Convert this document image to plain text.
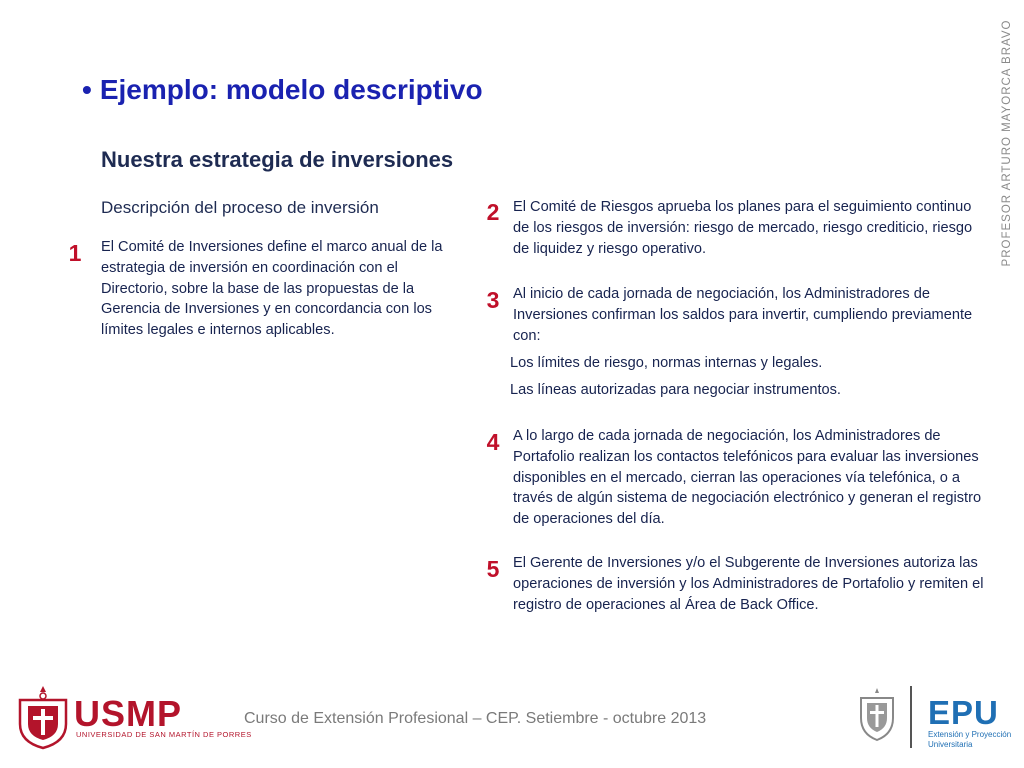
PROFESOR ARTURO MAYORCA BRAVO
• Ejemplo: modelo descriptivo
Nuestra estrategia de inversiones
Descripción del proceso de inversión
1	El Comité de Inversiones define el marco anual de la estrategia de inversión en coordinación con el Directorio, sobre la base de las propuestas de la Gerencia de Inversiones y en concordancia con los límites legales e internos aplicables.
2 El Comité de Riesgos aprueba los planes para el seguimiento continuo de los riesgos de inversión: riesgo de mercado, riesgo crediticio, riesgo de liquidez y riesgo operativo.
3 Al inicio de cada jornada de negociación, los Administradores de Inversiones confirman los saldos para invertir, cumpliendo previamente con:
Los límites de riesgo, normas internas y legales.
Las líneas autorizadas para negociar instrumentos.
4 A lo largo de cada jornada de negociación, los Administradores de Portafolio realizan los contactos telefónicos para evaluar las inversiones disponibles en el mercado, cierran las operaciones vía telefónica, o a través de algún sistema de negociación electrónico y generan el registro de operaciones del día.
5 El Gerente de Inversiones y/o el Subgerente de Inversiones autoriza las operaciones de inversión y los Administradores de Portafolio y remiten el registro de operaciones al Área de Back Office.
USMP
UNIVERSIDAD DE SAN MARTÍN DE PORRES
Curso de Extensión Profesional – CEP. Setiembre - octubre 2013	EPU
Extensión y Proyección
Universitaria
